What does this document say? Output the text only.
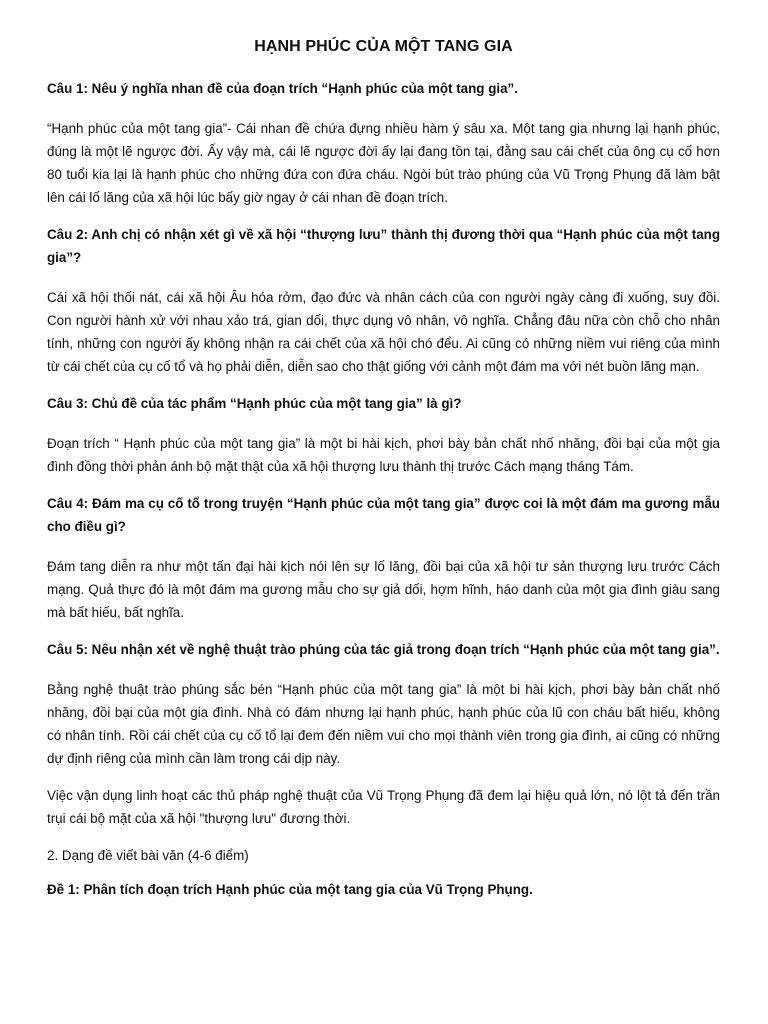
HẠNH PHÚC CỦA MỘT TANG GIA

Câu 1: Nêu ý nghĩa nhan đề của đoạn trích “Hạnh phúc của một tang gia”.

“Hạnh phúc của một tang gia”- Cái nhan đề chứa đựng nhiều hàm ý sâu xa. Một tang gia nhưng lại hạnh phúc, đúng là một lẽ ngược đời. Ấy vậy mà, cái lẽ ngược đời ấy lại đang tồn tại, đằng sau cái chết của ông cụ cố hơn 80 tuổi kia lại là hạnh phúc cho những đứa con đứa cháu. Ngòi bút trào phúng của Vũ Trọng Phụng đã làm bật lên cái lố lăng của xã hội lúc bấy giờ ngay ở cái nhan đề đoạn trích.

Câu 2: Anh chị có nhận xét gì về xã hội “thượng lưu” thành thị đương thời qua “Hạnh phúc của một tang gia”?

Cái xã hội thối nát, cái xã hội Âu hóa rởm, đạo đức và nhân cách của con người ngày càng đi xuống, suy đồi. Con người hành xử với nhau xảo trá, gian dối, thực dụng vô nhân, vô nghĩa. Chẳng đâu nữa còn chỗ cho nhân tính, những con người ấy không nhận ra cái chết của xã hội chó đểu. Ai cũng có những niềm vui riêng của mình từ cái chết của cụ cố tổ và họ phải diễn, diễn sao cho thật giống với cảnh một đám ma với nét buồn lăng mạn.

Câu 3: Chủ đề của tác phẩm “Hạnh phúc của một tang gia” là gì?

Đoạn trích “ Hạnh phúc của một tang gia” là một bi hài kịch, phơi bày bản chất nhố nhăng, đồi bại của một gia đình đồng thời phản ánh bộ mặt thật của xã hội thượng lưu thành thị trước Cách mạng tháng Tám.

Câu 4: Đám ma cụ cố tổ trong truyện “Hạnh phúc của một tang gia” được coi là một đám ma gương mẫu cho điều gì?

Đám tang diễn ra như một tấn đại hài kịch nói lên sự lố lăng, đồi bại của xã hội tư sản thượng lưu trước Cách mạng. Quả thực đó là một đám ma gương mẫu cho sự giả dối, hợm hĩnh, háo danh của một gia đình giàu sang mà bất hiếu, bất nghĩa.

Câu 5: Nêu nhận xét về nghệ thuật trào phúng của tác giả trong đoạn trích “Hạnh phúc của một tang gia”.

Bằng nghệ thuật trào phúng sắc bén “Hạnh phúc của một tang gia” là một bi hài kịch, phơi bày bản chất nhố nhăng, đồi bại của một gia đình. Nhà có đám nhưng lại hạnh phúc, hạnh phúc của lũ con cháu bất hiếu, không có nhân tính. Rồi cái chết của cụ cố tổ lại đem đến niềm vui cho mọi thành viên trong gia đình, ai cũng có những dự định riêng của mình cần làm trong cái dịp này.

Việc vận dụng linh hoạt các thủ pháp nghệ thuật của Vũ Trọng Phụng đã đem lại hiệu quả lớn, nó lột tả đến trần trụi cái bộ mặt của xã hội "thượng lưu" đương thời.

2. Dạng đề viết bài văn (4-6 điểm)

Đề 1: Phân tích đoạn trích Hạnh phúc của một tang gia của Vũ Trọng Phụng.
